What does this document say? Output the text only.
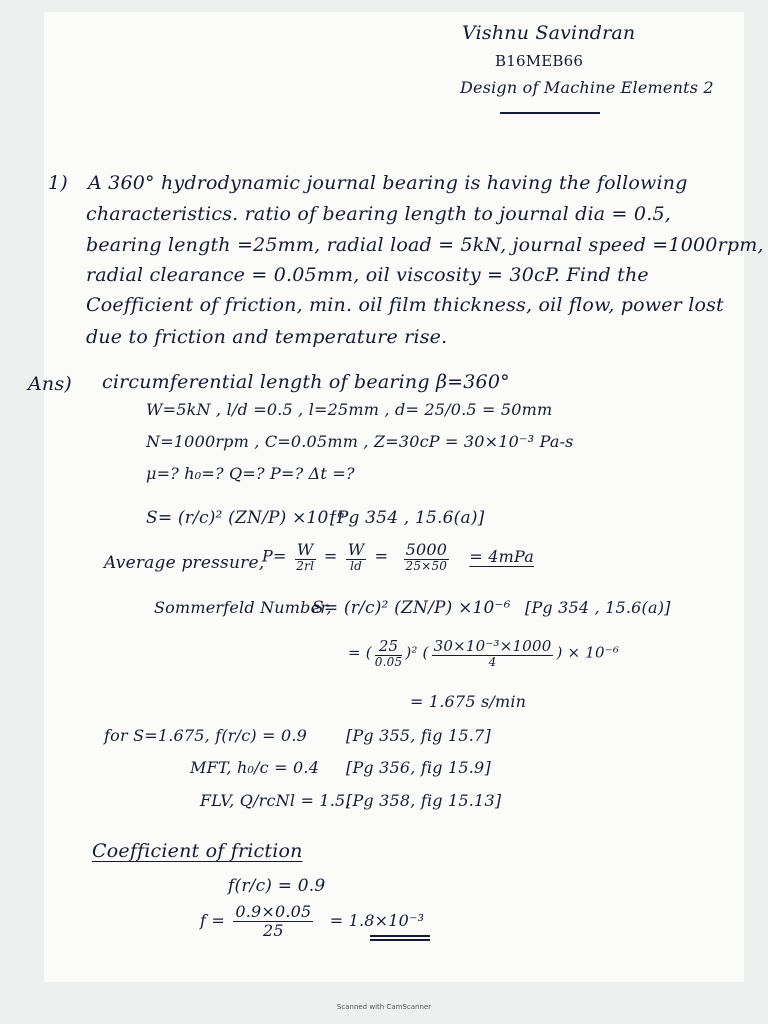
Vishnu Savindran
B16MEB66
Design of Machine Elements 2
1) A 360° hydrodynamic journal bearing is having the following
characteristics. ratio of bearing length to journal dia = 0.5,
bearing length =25mm, radial load = 5kN, journal speed =1000rpm,
radial clearance = 0.05mm, oil viscosity = 30cP. Find the
Coefficient of friction, min. oil film thickness, oil flow, power lost
due to friction and temperature rise.
Ans) circumferential length of bearing β=360°
W=5kN , l/d =0.5 , l=25mm , d= 25/0.5 = 50mm
N=1000rpm , C=0.05mm , Z=30cP = 30×10⁻³ Pa-s
μ=? h₀=? Q=? P=? Δt =?
S= (r/c)² (ZN/P) ×10⁻⁶
[Pg 354 , 15.6(a)]
Average pressure,
$P= \frac{W}{2rl} = \frac{W}{ld} = \frac{5000}{25\times 50} = 4mPa$
Sommerfeld Number,
S= (r/c)² (ZN/P) ×10⁻⁶ [Pg 354 , 15.6(a)]
= ( $\frac{25}{0.05} )^2$ ( $\frac{\text{30×10⁻³×1000}}{4}$ ) × 10⁻⁶
= 1.675 s/min
for S=1.675, f(r/c) = 0.9 [Pg 355, fig 15.7]
MFT, h₀/c = 0.4 [Pg 356, fig 15.9]
FLV, Q/rcNl = 1.5,
[Pg 358, fig 15.13]
Coefficient of friction
f(r/c) = 0.9
$f = \frac{0.9\times 0.05}{25} = 1.8\times 10^{-3}$
Scanned with CamScanner
